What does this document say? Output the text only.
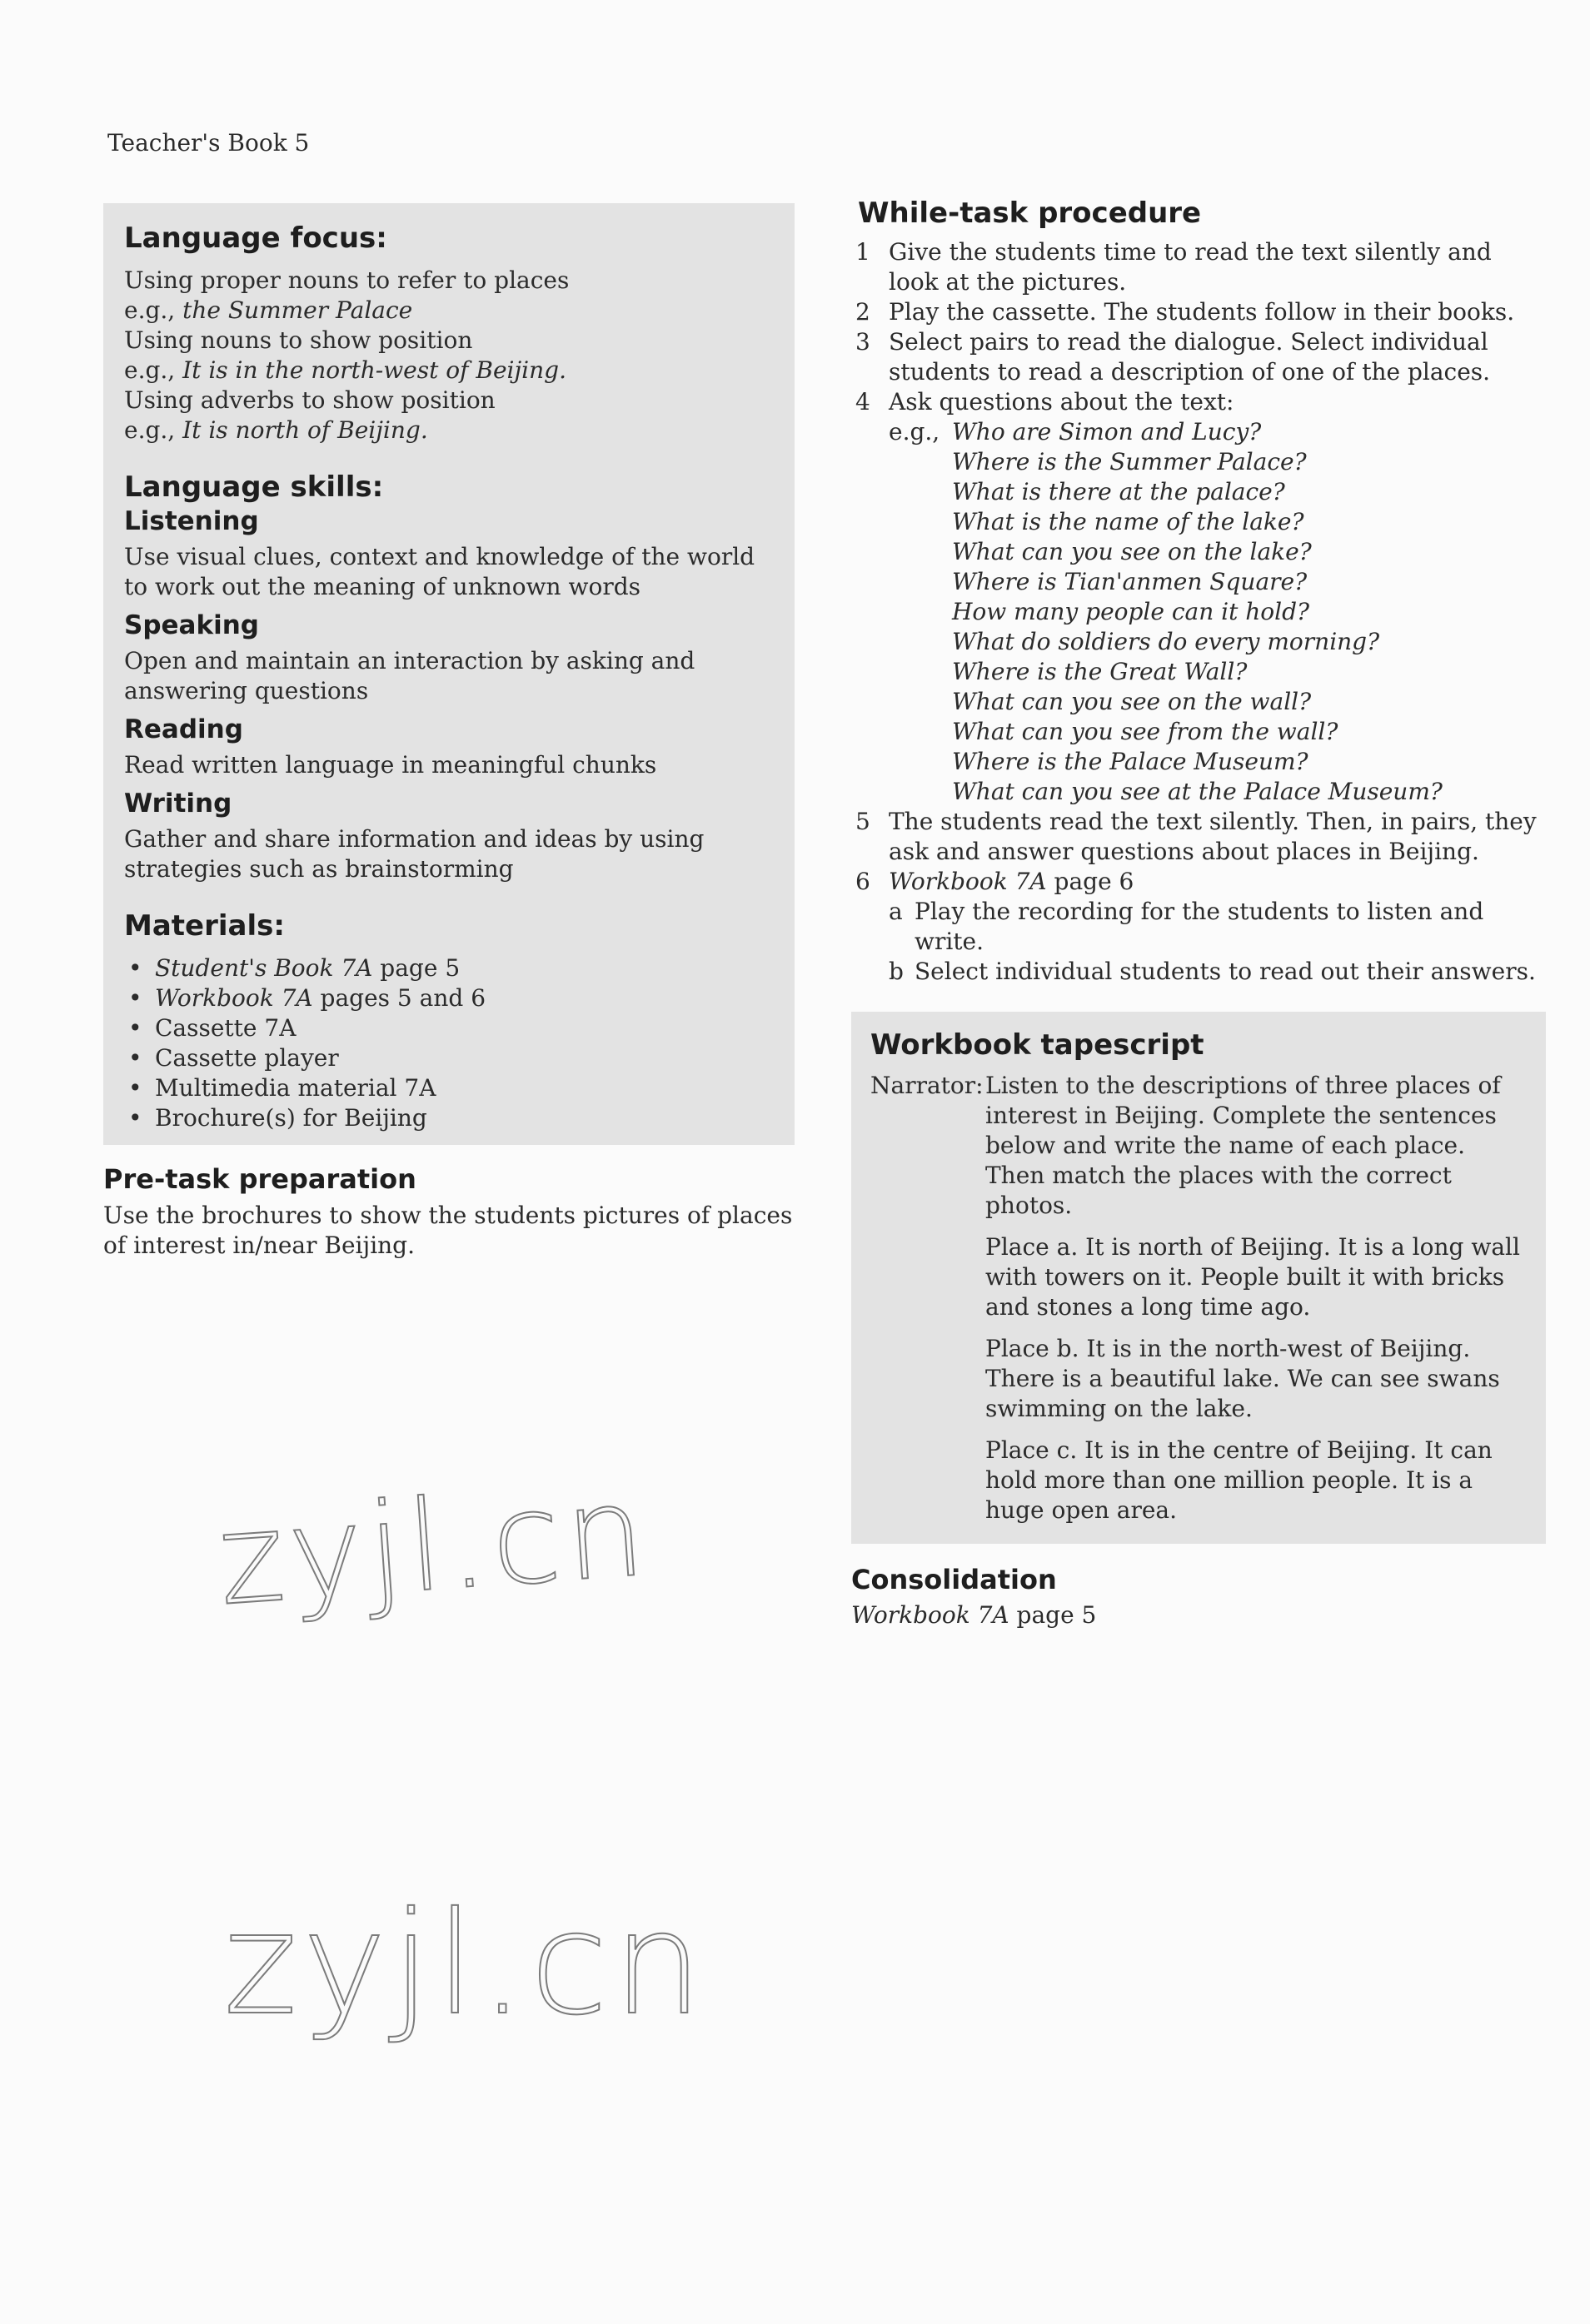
Teacher's Book 5
Language focus:

Using proper nouns to refer to places

e.g., the Summer Palace

Using nouns to show position

e.g., It is in the north-west of Beijing.

Using adverbs to show position

e.g., It is north of Beijing.

Language skills:
Listening

Use visual clues, context and knowledge of the world to work out the meaning of unknown words

Speaking

Open and maintain an interaction by asking and answering questions

Reading

Read written language in meaningful chunks

Writing

Gather and share information and ideas by using strategies such as brainstorming

Materials:
• Student's Book 7A page 5
• Workbook 7A pages 5 and 6
• Cassette 7A
• Cassette player
• Multimedia material 7A
• Brochure(s) for Beijing
Pre-task preparation

Use the brochures to show the students pictures of places of interest in/near Beijing.

While-task procedure
1 Give the students time to read the text silently and look at the pictures.
2 Play the cassette. The students follow in their books.
3 Select pairs to read the dialogue. Select individual students to read a description of one of the places.
4 Ask questions about the text:
e.g., Who are Simon and Lucy?
Where is the Summer Palace?
What is there at the palace?
What is the name of the lake?
What can you see on the lake?
Where is Tian'anmen Square?
How many people can it hold?
What do soldiers do every morning?
Where is the Great Wall?
What can you see on the wall?
What can you see from the wall?
Where is the Palace Museum?
What can you see at the Palace Museum?
5 The students read the text silently. Then, in pairs, they ask and answer questions about places in Beijing.
6 Workbook 7A page 6
a Play the recording for the students to listen and write.
b Select individual students to read out their answers.
Workbook tapescript
Narrator: Listen to the descriptions of three places of interest in Beijing. Complete the sentences below and write the name of each place. Then match the places with the correct photos.

Place a. It is north of Beijing. It is a long wall with towers on it. People built it with bricks and stones a long time ago.

Place b. It is in the north-west of Beijing. There is a beautiful lake. We can see swans swimming on the lake.

Place c. It is in the centre of Beijing. It can hold more than one million people. It is a huge open area.

Consolidation

Workbook 7A page 5

zyjl.cn
zyjl.cn
